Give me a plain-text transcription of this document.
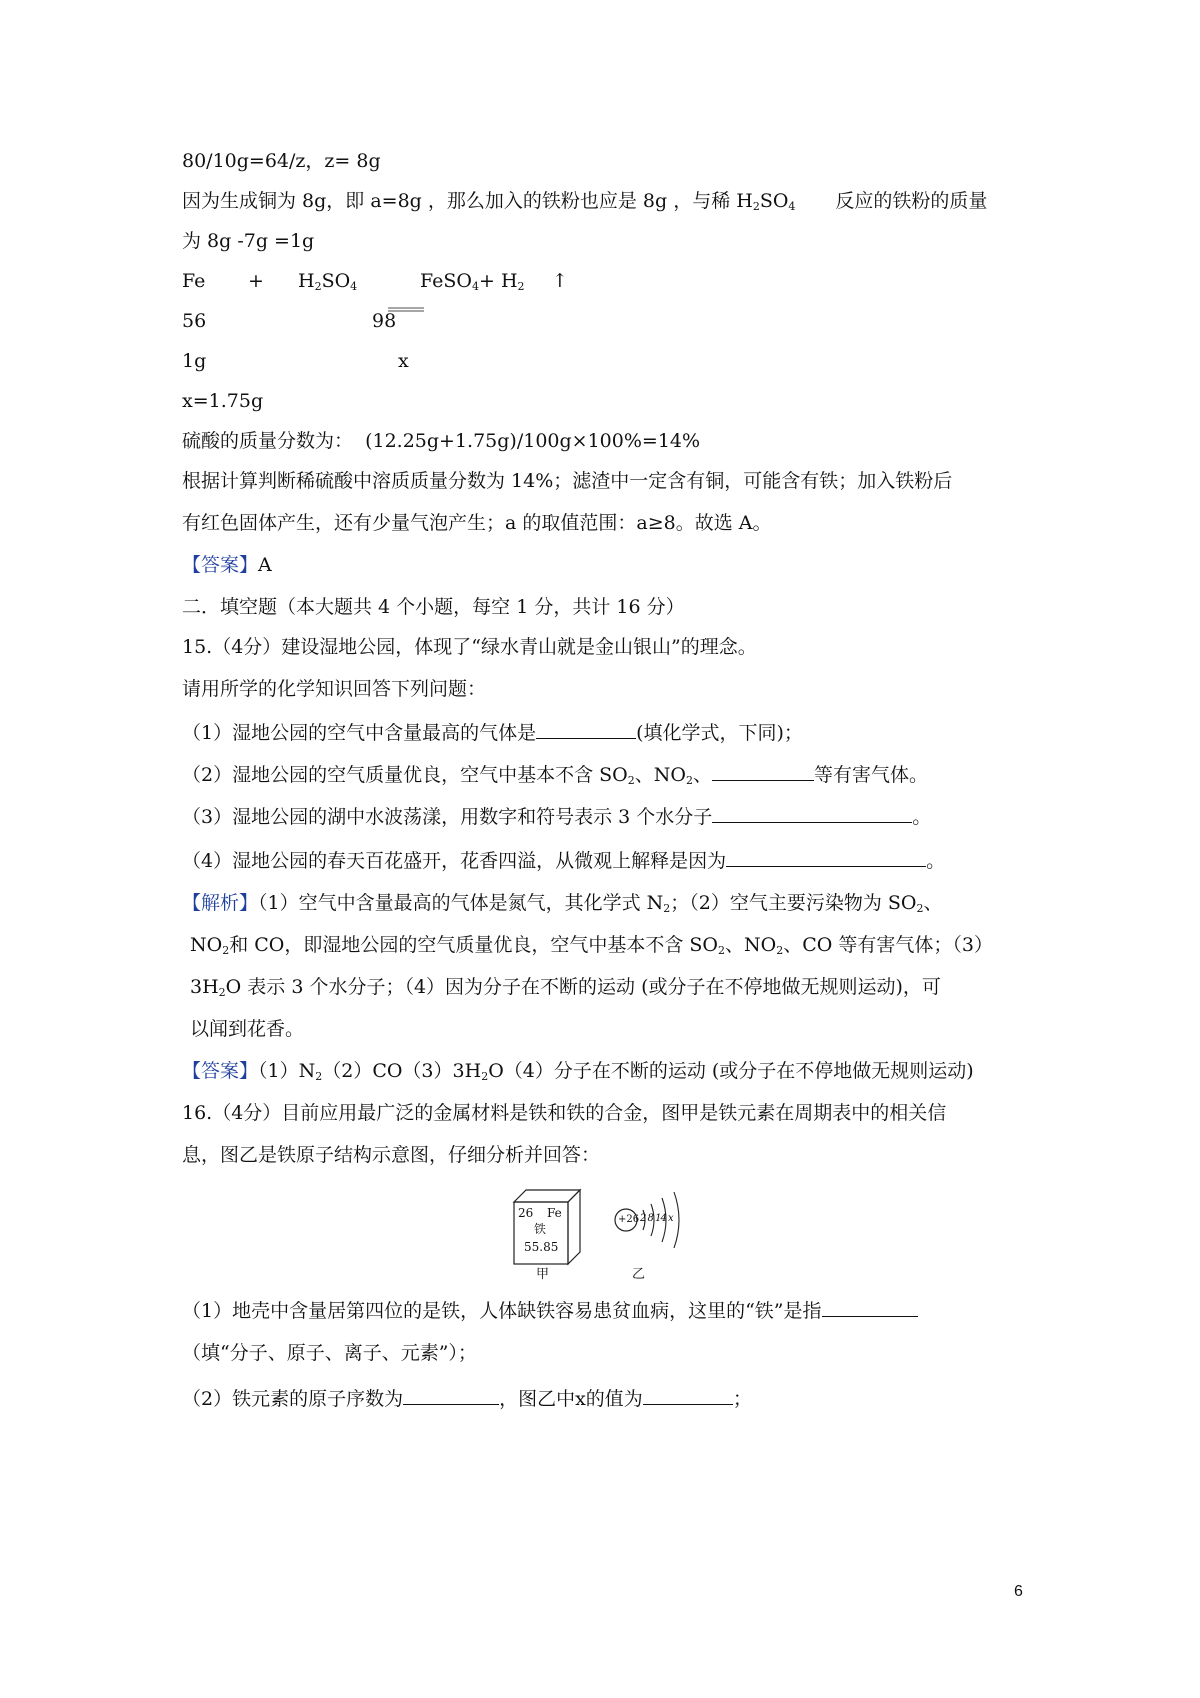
80/10g=64/z，z= 8g
因为生成铜为 8g，即 a=8g ，那么加入的铁粉也应是 8g ，与稀 $H_2SO_4$ 反应的铁粉的质量
为 8g -7g =1g
$Fe + H_2SO_4$

	FeSO$_4$+ $H_2$ ↑
56	98
1g	x
x=1.75g
硫酸的质量分数为：  (12.25g+1.75g)/100g×100%=14%
根据计算判断稀硫酸中溶质质量分数为 14%；滤渣中一定含有铜，可能含有铁；加入铁粉后
有红色固体产生，还有少量气泡产生；a 的取值范围：a≥8。故选 A。
【答案】A
二．填空题（本大题共 4 个小题，每空 1 分，共计 16 分）
15.（4分）建设湿地公园，体现了“绿水青山就是金山银山”的理念。
请用所学的化学知识回答下列问题：
（1）湿地公园的空气中含量最高的气体是	(填化学式，下同)；
（2）湿地公园的空气质量优良，空气中基本不含 $SO_2$、$NO_2$、	等有害气体。
（3）湿地公园的湖中水波荡漾，用数字和符号表示 3 个水分子	。
（4）湿地公园的春天百花盛开，花香四溢，从微观上解释是因为	。
【解析】（1）空气中含量最高的气体是氮气，其化学式 $N_2$；（2）空气主要污染物为 $SO_2$、
$NO_2$和 CO，即湿地公园的空气质量优良，空气中基本不含 $SO_2$、$NO_2$、CO 等有害气体；（3）
$3H_2O$ 表示 3 个水分子；（4）因为分子在不断的运动 (或分子在不停地做无规则运动)，可
以闻到花香。
【答案】$(1)N_2(2)CO(3)3H_2O(4)$分子在不断的运动 (或分子在不停地做无规则运动)
16.（4分）目前应用最广泛的金属材料是铁和铁的合金，图甲是铁元素在周期表中的相关信
息，图乙是铁原子结构示意图，仔细分析并回答：
26 Fe
铁
55.85
+26 2 8 14 x
甲	乙
（1）地壳中含量居第四位的是铁，人体缺铁容易患贫血病，这里的“铁”是指
（填“分子、原子、离子、元素”）；
（2）铁元素的原子序数为	，图乙中x的值为	；
6
